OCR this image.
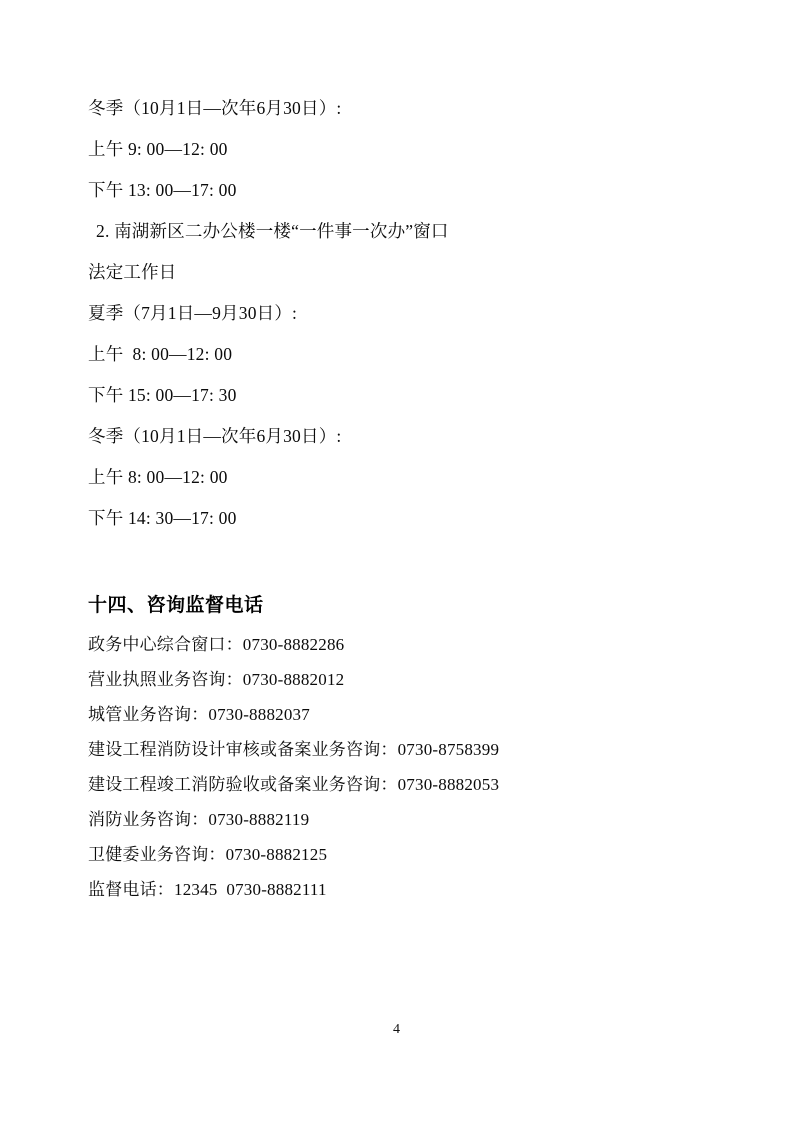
冬季（10月1日—次年6月30日）:
上午 9: 00—12: 00
下午 13: 00—17: 00
2. 南湖新区二办公楼一楼“一件事一次办”窗口
法定工作日
夏季（7月1日—9月30日）:
上午  8: 00—12: 00
下午 15: 00—17: 30
冬季（10月1日—次年6月30日）:
上午 8: 00—12: 00
下午 14: 30—17: 00
十四、咨询监督电话
政务中心综合窗口：0730-8882286
营业执照业务咨询：0730-8882012
城管业务咨询：0730-8882037
建设工程消防设计审核或备案业务咨询：0730-8758399
建设工程竣工消防验收或备案业务咨询：0730-8882053
消防业务咨询：0730-8882119
卫健委业务咨询：0730-8882125
监督电话：12345  0730-8882111
4
